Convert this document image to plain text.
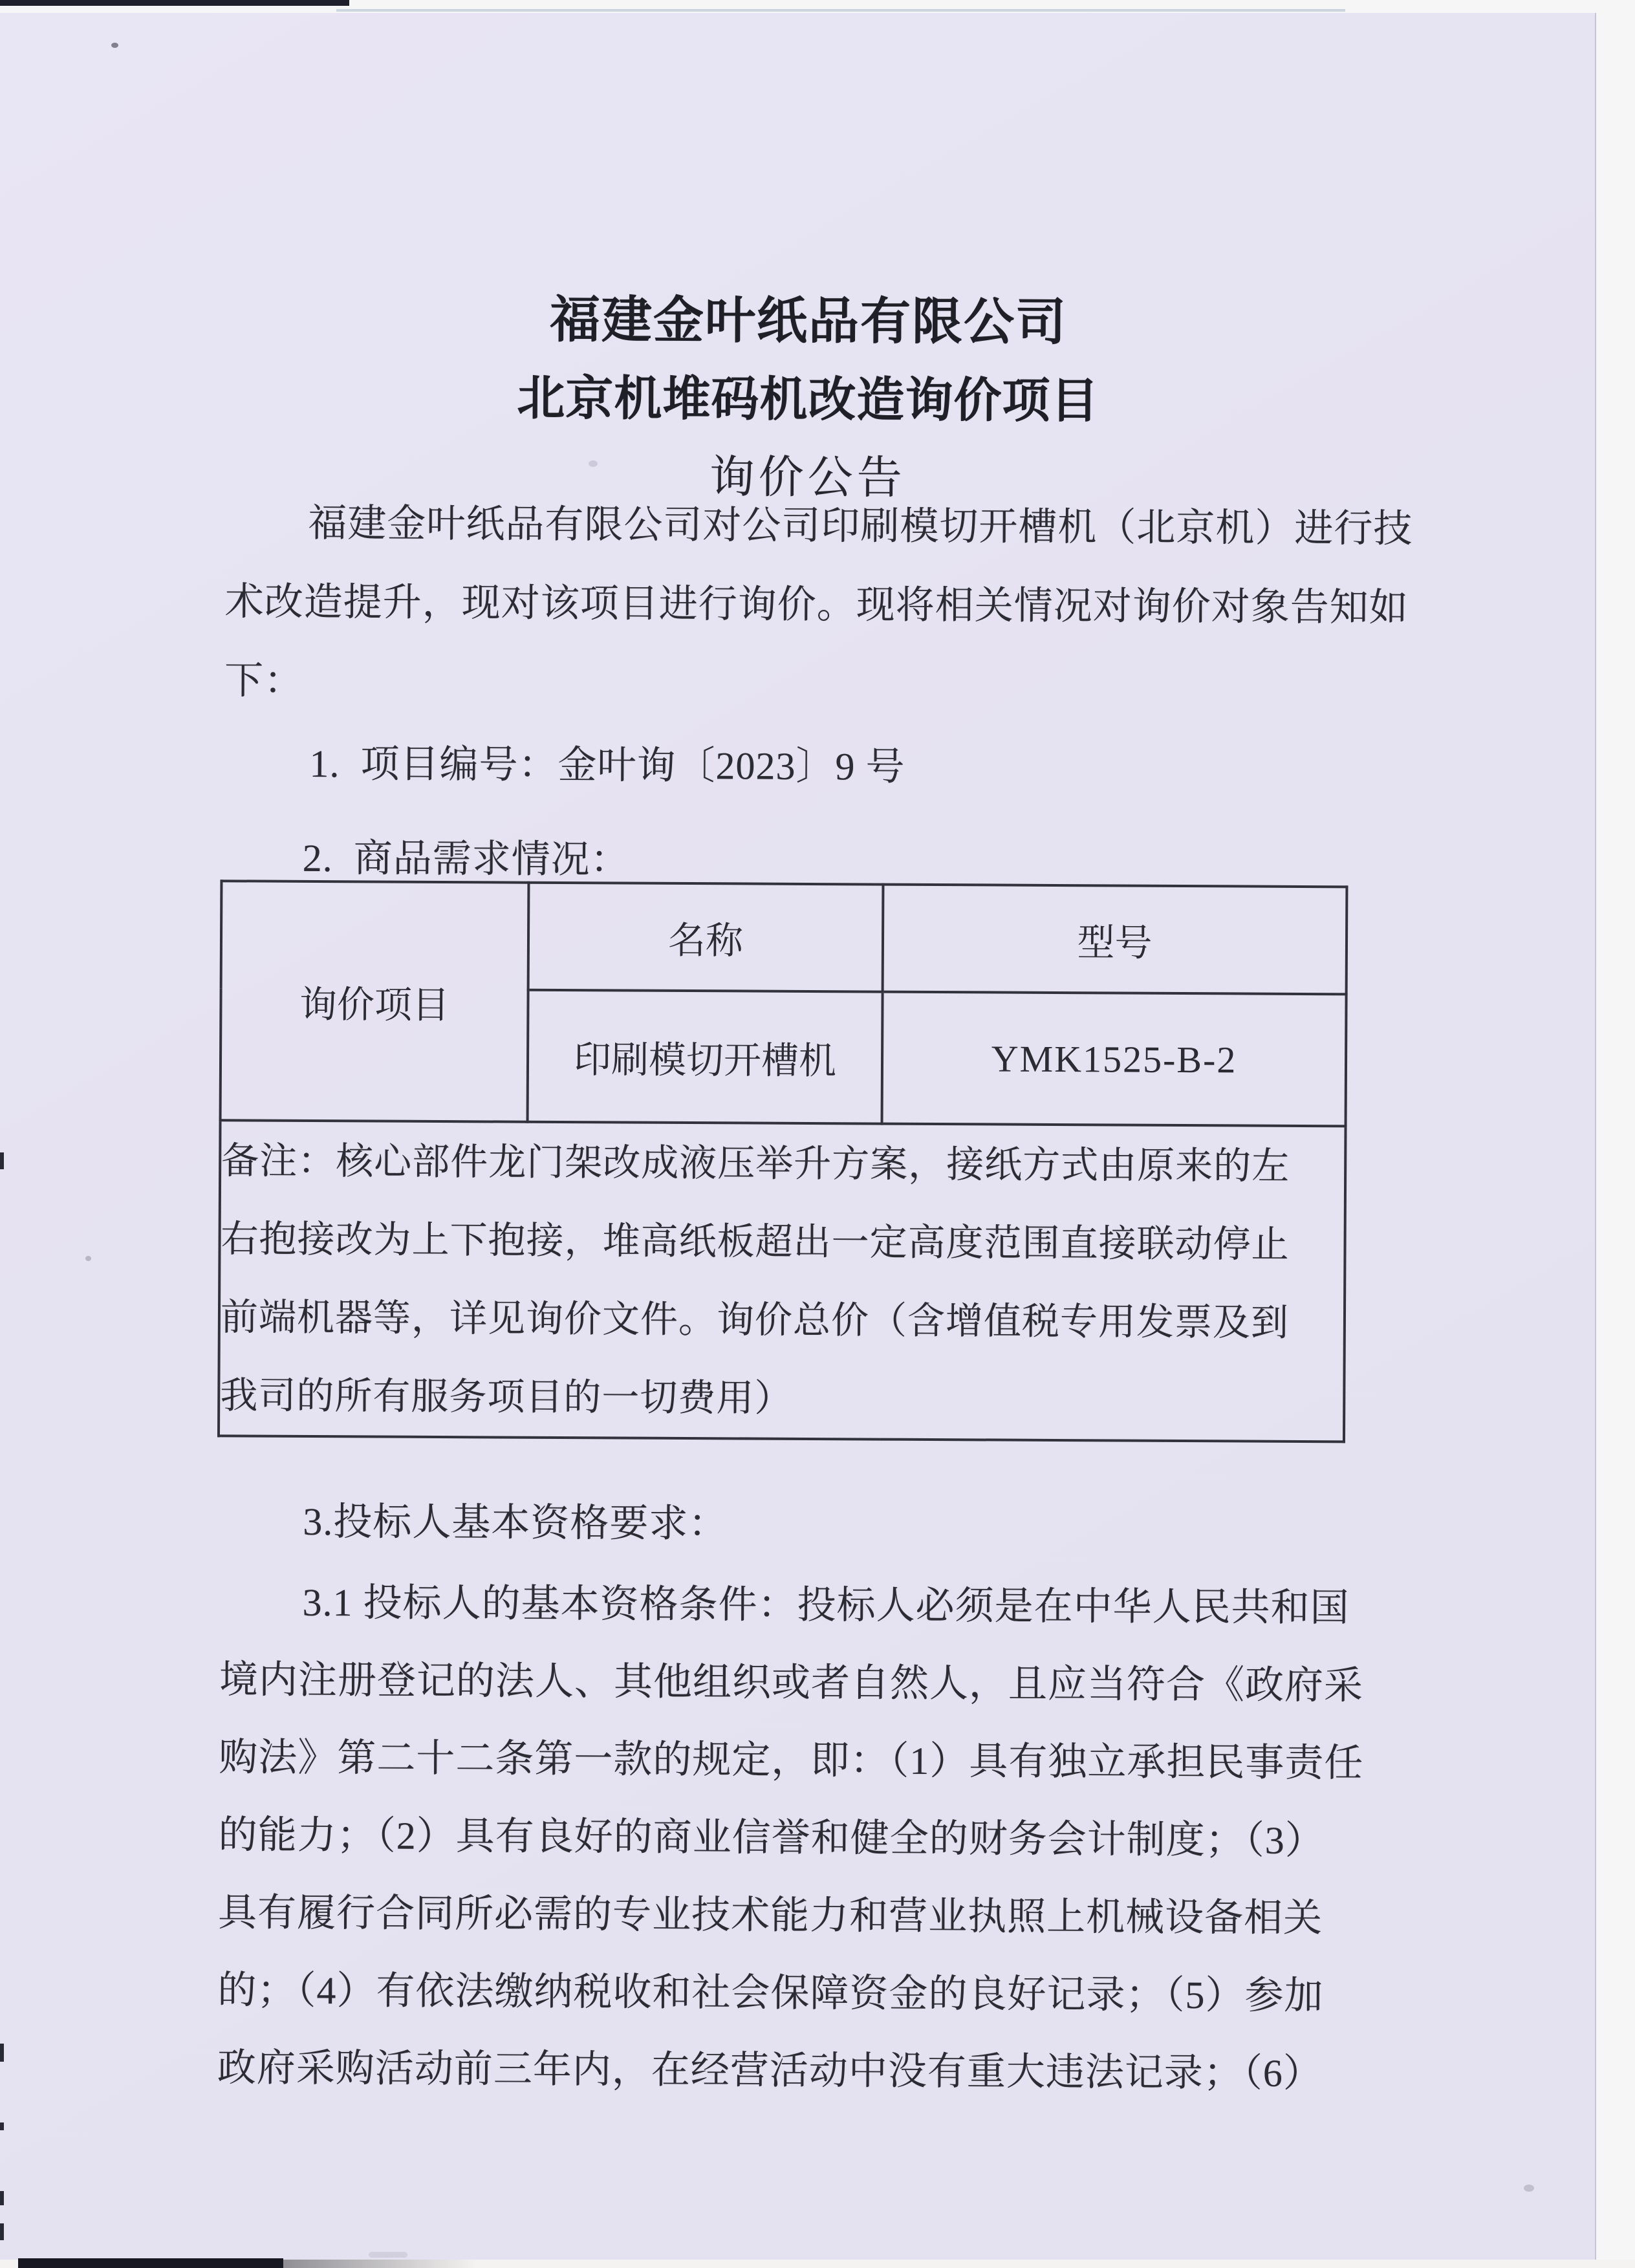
福建金叶纸品有限公司
北京机堆码机改造询价项目
询价公告
福建金叶纸品有限公司对公司印刷模切开槽机（北京机）进行技
术改造提升，现对该项目进行询价。现将相关情况对询价对象告知如
下：
1.  项目编号：金叶询〔2023〕9 号
2.  商品需求情况：
询价项目	名称	型号
	印刷模切开槽机	YMK1525-B-2

备注：核心部件龙门架改成液压举升方案，接纸方式由原来的左
右抱接改为上下抱接，堆高纸板超出一定高度范围直接联动停止
前端机器等，详见询价文件。询价总价（含增值税专用发票及到
我司的所有服务项目的一切费用）		
3.投标人基本资格要求：
3.1 投标人的基本资格条件：投标人必须是在中华人民共和国
境内注册登记的法人、其他组织或者自然人，且应当符合《政府采
购法》第二十二条第一款的规定，即：（1）具有独立承担民事责任
的能力；（2）具有良好的商业信誉和健全的财务会计制度；（3）
具有履行合同所必需的专业技术能力和营业执照上机械设备相关
的；（4）有依法缴纳税收和社会保障资金的良好记录；（5）参加
政府采购活动前三年内，在经营活动中没有重大违法记录；（6）
